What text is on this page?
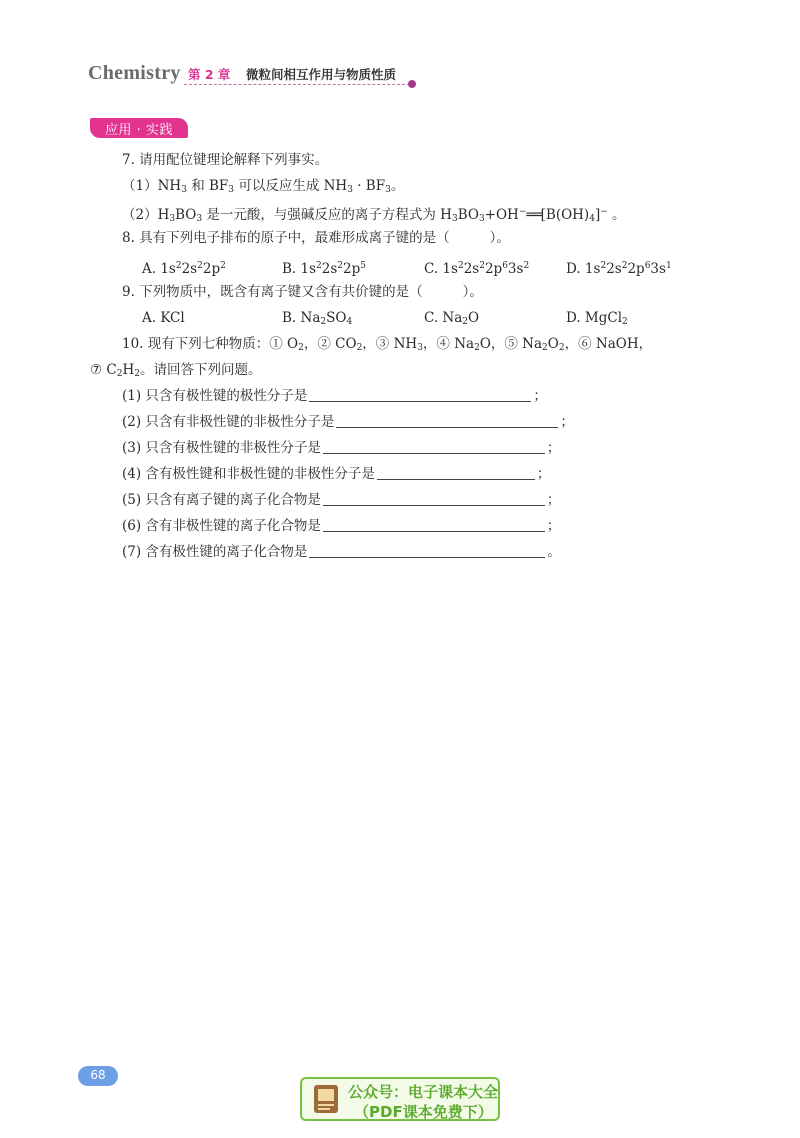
Chemistry 第 2 章 微粒间相互作用与物质性质
应用 · 实践
7. 请用配位键理论解释下列事实。
$(1)NH_3$ 和 $BF_3$ 可以反应生成 $NH_3 \cdot BF_3$。
$(2)H_3BO_3$ 是一元酸，与强碱反应的离子方程式为 $H_3BO_3+OH^-══[B(OH)_4]^-$ 。
8. 具有下列电子排布的原子中，最难形成离子键的是（	）。
A. $1s^22s^22p^2$	B. $1s^22s^22p^5$	C. $1s^22s^22p^63s^2$	D. $1s^22s^22p^63s^1$
9. 下列物质中，既含有离子键又含有共价键的是（	）。
A. KCl	B. $Na_2SO_4$	C. $Na_2O$	D. MgCl$_2$
10. 现有下列七种物质：① $O_2$，② $CO_2$，③ $NH_3$，④ $Na_2O$，⑤ $Na_2O_2$，⑥ NaOH，
⑦ $C_2H_2$。请回答下列问题。
(1) 只含有极性键的极性分子是	；
(2) 只含有非极性键的非极性分子是	；
(3) 只含有极性键的非极性分子是	；
(4) 含有极性键和非极性键的非极性分子是	；
(5) 只含有离子键的离子化合物是	；
(6) 含有非极性键的离子化合物是	；
(7) 含有极性键的离子化合物是	。
68
公众号：电子课本大全
（PDF课本免费下）
